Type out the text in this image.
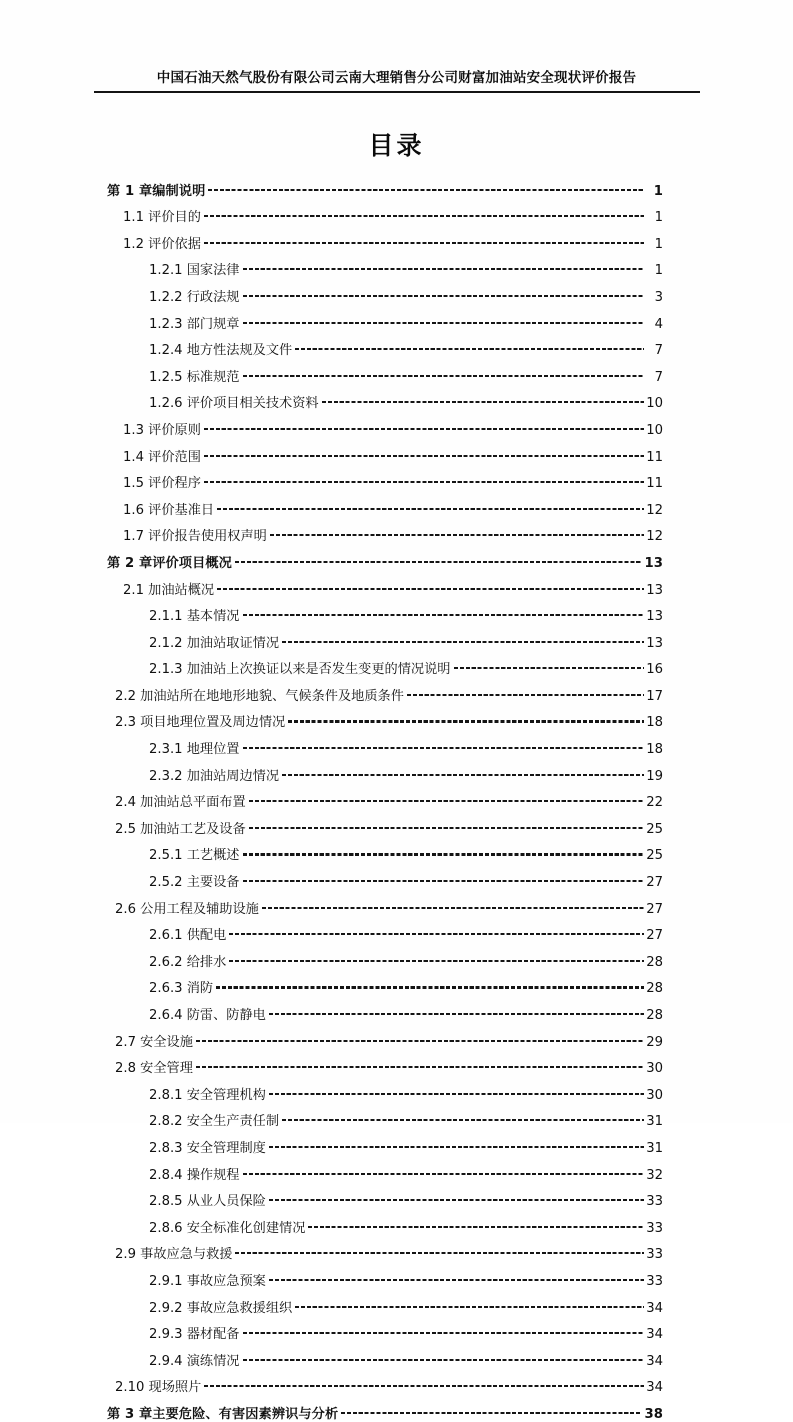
中国石油天然气股份有限公司云南大理销售分公司财富加油站安全现状评价报告
目录
第 1 章编制说明	1
1.1 评价目的	1
1.2 评价依据	1
1.2.1 国家法律	1
1.2.2 行政法规	3
1.2.3 部门规章	4
1.2.4 地方性法规及文件	7
1.2.5 标准规范	7
1.2.6 评价项目相关技术资料	10
1.3 评价原则	10
1.4 评价范围	11
1.5 评价程序	11
1.6 评价基准日	12
1.7 评价报告使用权声明	12
第 2 章评价项目概况	13
2.1 加油站概况	13
2.1.1 基本情况	13
2.1.2 加油站取证情况	13
2.1.3 加油站上次换证以来是否发生变更的情况说明	16
2.2 加油站所在地地形地貌、气候条件及地质条件	17
2.3 项目地理位置及周边情况	18
2.3.1 地理位置	18
2.3.2 加油站周边情况	19
2.4 加油站总平面布置	22
2.5 加油站工艺及设备	25
2.5.1 工艺概述	25
2.5.2 主要设备	27
2.6 公用工程及辅助设施	27
2.6.1 供配电	27
2.6.2 给排水	28
2.6.3 消防	28
2.6.4 防雷、防静电	28
2.7 安全设施	29
2.8 安全管理	30
2.8.1 安全管理机构	30
2.8.2 安全生产责任制	31
2.8.3 安全管理制度	31
2.8.4 操作规程	32
2.8.5 从业人员保险	33
2.8.6 安全标准化创建情况	33
2.9 事故应急与救援	33
2.9.1 事故应急预案	33
2.9.2 事故应急救援组织	34
2.9.3 器材配备	34
2.9.4 演练情况	34
2.10 现场照片	34
第 3 章主要危险、有害因素辨识与分析	38
